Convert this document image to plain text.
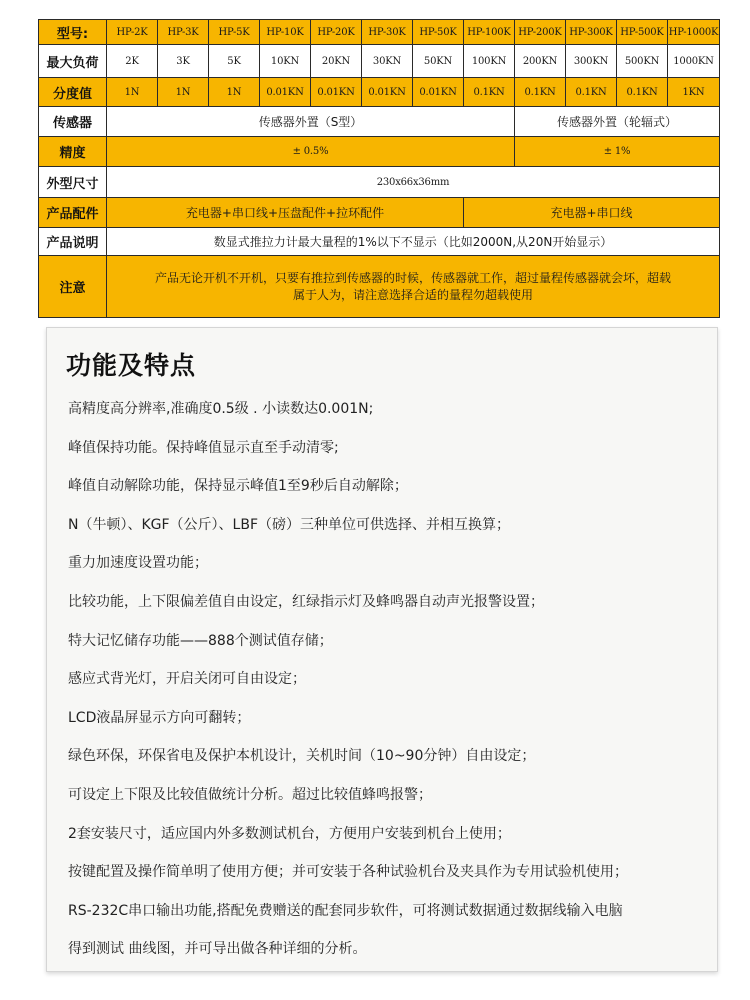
型号:	HP-2K	HP-3K	HP-5K	HP-10K	HP-20K	HP-30K	HP-50K	HP-100K	HP-200K	HP-300K	HP-500K	HP-1000K
最大负荷	2K	3K	5K	10KN	20KN	30KN	50KN	100KN	200KN	300KN	500KN	1000KN
分度值	1N	1N	1N	0.01KN	0.01KN	0.01KN	0.01KN	0.1KN	0.1KN	0.1KN	0.1KN	1KN
传感器	传感器外置（S型）								传感器外置（轮辐式）			
精度	± 0.5%								± 1%			
外型尺寸	230x66x36mm											
产品配件	充电器+串口线+压盘配件+拉环配件							充电器+串口线				
产品说明	数显式推拉力计最大量程的1%以下不显示（比如2000N,从20N开始显示）											
注意	产品无论开机不开机，只要有推拉到传感器的时候，传感器就工作，超过量程传感器就会坏，超载属于人为，请注意选择合适的量程勿超载使用											
功能及特点
高精度高分辨率,准确度0.5级 . 小读数达0.001N;
峰值保持功能。保持峰值显示直至手动清零;
峰值自动解除功能，保持显示峰值1至9秒后自动解除；
N（牛顿）、KGF（公斤）、LBF（磅）三种单位可供选择、并相互换算；
重力加速度设置功能；
比较功能，上下限偏差值自由设定，红绿指示灯及蜂鸣器自动声光报警设置；
特大记忆储存功能——888个测试值存储；
感应式背光灯，开启关闭可自由设定；
LCD液晶屏显示方向可翻转；
绿色环保，环保省电及保护本机设计，关机时间（10~90分钟）自由设定；
可设定上下限及比较值做统计分析。超过比较值蜂鸣报警；
2套安装尺寸，适应国内外多数测试机台，方便用户安装到机台上使用；
按键配置及操作简单明了使用方便；并可安装于各种试验机台及夹具作为专用试验机使用；
RS-232C串口输出功能,搭配免费赠送的配套同步软件，可将测试数据通过数据线输入电脑
得到测试 曲线图，并可导出做各种详细的分析。
